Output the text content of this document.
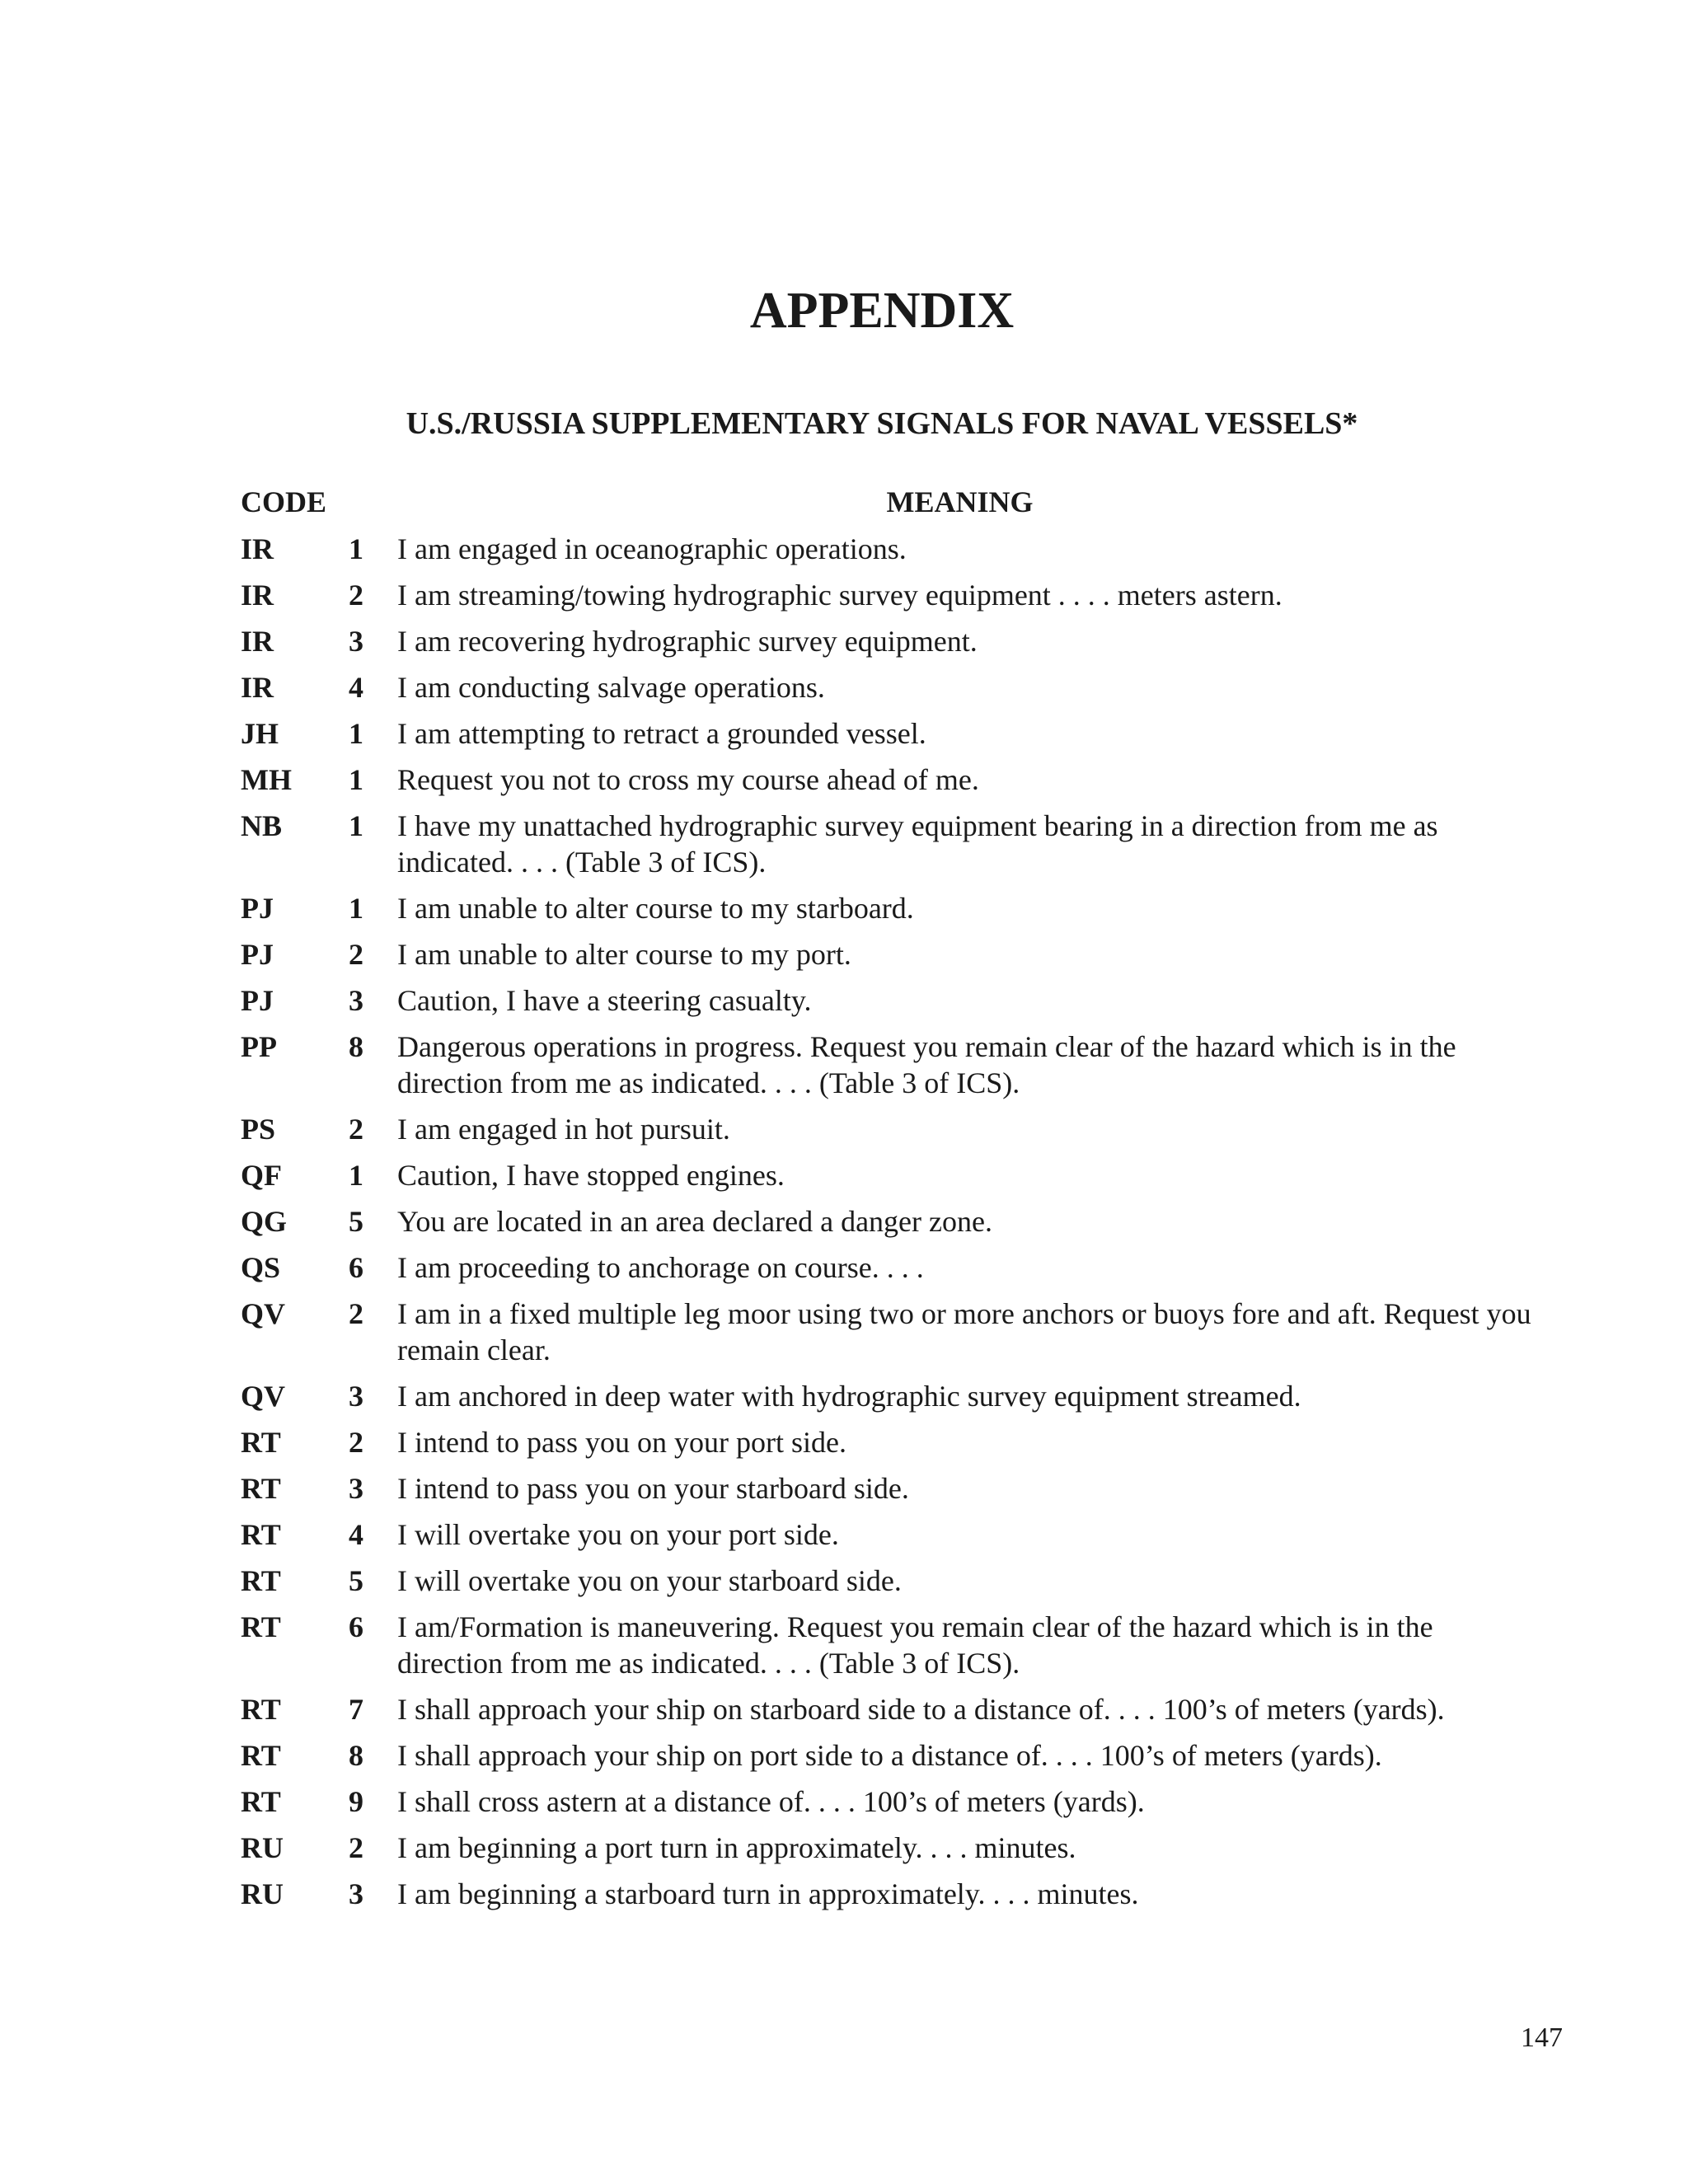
APPENDIX
U.S./RUSSIA SUPPLEMENTARY SIGNALS FOR NAVAL VESSELS*
CODE	MEANING
IR	1	I am engaged in oceanographic operations.
IR	2	I am streaming/towing hydrographic survey equipment . . . . meters astern.
IR	3	I am recovering hydrographic survey equipment.
IR	4	I am conducting salvage operations.
JH	1	I am attempting to retract a grounded vessel.
MH	1	Request you not to cross my course ahead of me.
NB	1	I have my unattached hydrographic survey equipment bearing in a direction from me as indicated. . . . (Table 3 of ICS).
PJ	1	I am unable to alter course to my starboard.
PJ	2	I am unable to alter course to my port.
PJ	3	Caution, I have a steering casualty.
PP	8	Dangerous operations in progress. Request you remain clear of the hazard which is in the direction from me as indicated. . . . (Table 3 of ICS).
PS	2	I am engaged in hot pursuit.
QF	1	Caution, I have stopped engines.
QG	5	You are located in an area declared a danger zone.
QS	6	I am proceeding to anchorage on course. . . .
QV	2	I am in a fixed multiple leg moor using two or more anchors or buoys fore and aft. Request you remain clear.
QV	3	I am anchored in deep water with hydrographic survey equipment streamed.
RT	2	I intend to pass you on your port side.
RT	3	I intend to pass you on your starboard side.
RT	4	I will overtake you on your port side.
RT	5	I will overtake you on your starboard side.
RT	6	I am/Formation is maneuvering. Request you remain clear of the hazard which is in the direction from me as indicated. . . . (Table 3 of ICS).
RT	7	I shall approach your ship on starboard side to a distance of. . . . 100’s of meters (yards).
RT	8	I shall approach your ship on port side to a distance of. . . . 100’s of meters (yards).
RT	9	I shall cross astern at a distance of. . . . 100’s of meters (yards).
RU	2	I am beginning a port turn in approximately. . . . minutes.
RU	3	I am beginning a starboard turn in approximately. . . . minutes.
147
